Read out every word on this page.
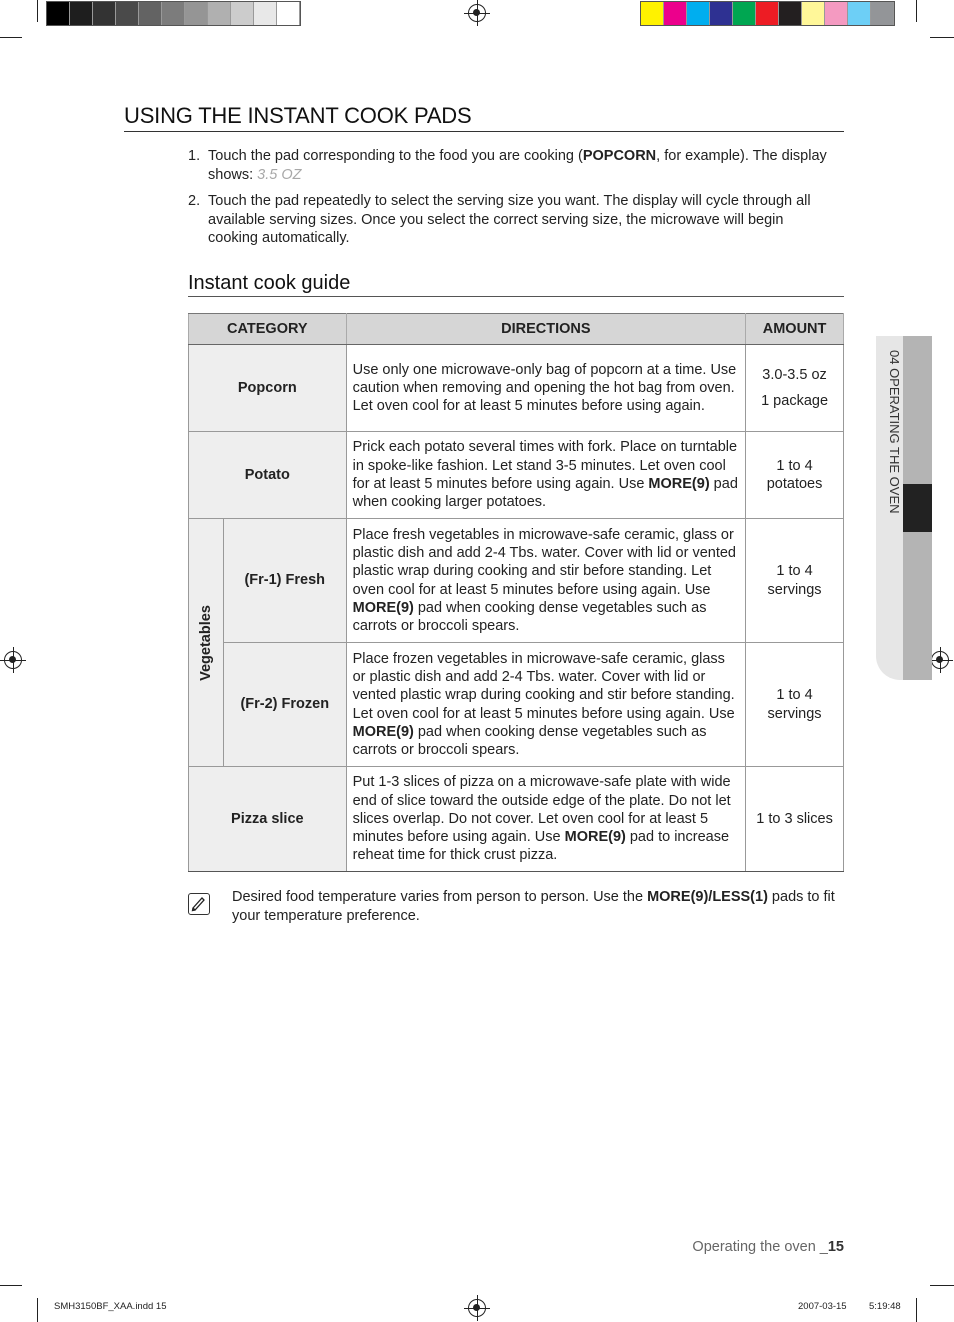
USING THE INSTANT COOK PADS
1. Touch the pad corresponding to the food you are cooking (POPCORN, for example). The display shows: 3.5 OZ
2. Touch the pad repeatedly to select the serving size you want. The display will cycle through all available serving sizes. Once you select the correct serving size, the microwave will begin cooking automatically.
Instant cook guide
CATEGORY		DIRECTIONS	AMOUNT
Popcorn		Use only one microwave-only bag of popcorn at a time. Use caution when removing and opening the hot bag from oven. Let oven cool for at least 5 minutes before using again.	3.0-3.5 oz
1 package

Potato		Prick each potato several times with fork. Place on turntable in spoke-like fashion. Let stand 3-5 minutes. Let oven cool for at least 5 minutes before using again. Use MORE(9) pad when cooking larger potatoes.	1 to 4 potatoes

Vegetables	(Fr-1) Fresh	Place fresh vegetables in microwave-safe ceramic, glass or plastic dish and add 2-4 Tbs. water. Cover with lid or vented plastic wrap during cooking and stir before standing. Let oven cool for at least 5 minutes before using again. Use MORE(9) pad when cooking dense vegetables such as carrots or broccoli spears.	1 to 4 servings
	(Fr-2) Frozen	Place frozen vegetables in microwave-safe ceramic, glass or plastic dish and add 2-4 Tbs. water. Cover with lid or vented plastic wrap during cooking and stir before standing. Let oven cool for at least 5 minutes before using again. Use MORE(9) pad when cooking dense vegetables such as carrots or broccoli spears.	1 to 4 servings
Pizza slice		Put 1-3 slices of pizza on a microwave-safe plate with wide end of slice toward the outside edge of the plate. Do not let slices overlap. Do not cover. Let oven cool for at least 5 minutes before using again. Use MORE(9) pad to increase reheat time for thick crust pizza.	1 to 3 slices
Desired food temperature varies from person to person. Use the MORE(9)/LESS(1) pads to fit your temperature preference.
04 OPERATING THE OVEN
Operating the oven _15
SMH3150BF_XAA.indd 15	2007-03-15 5:19:48
